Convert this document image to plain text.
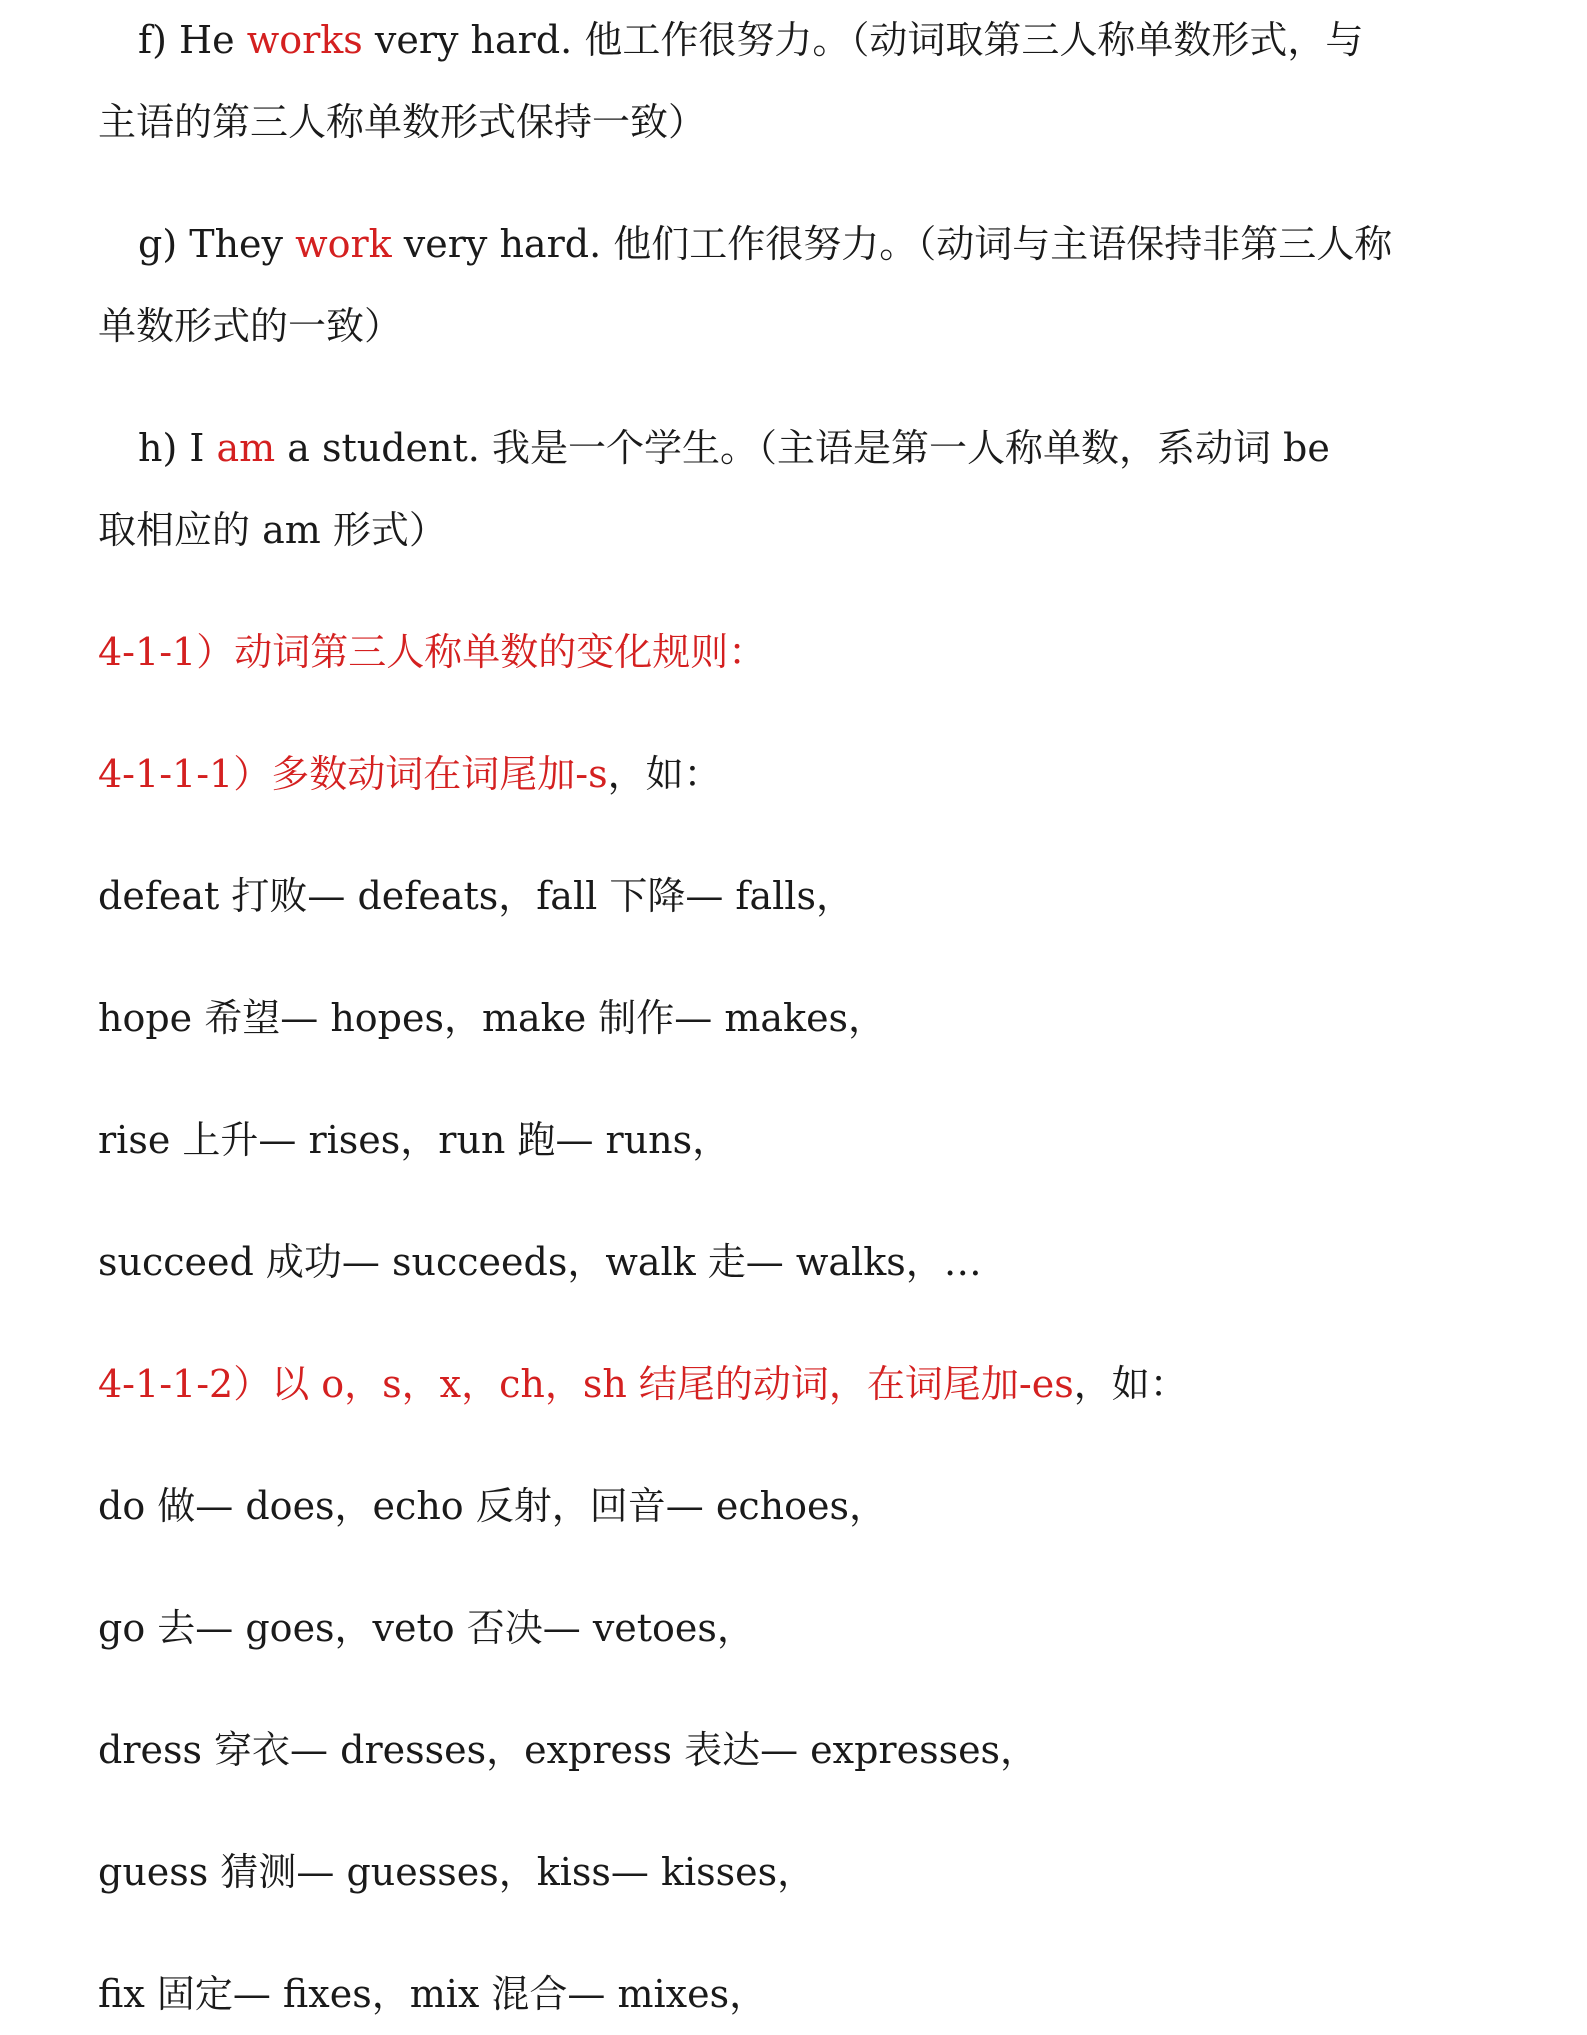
f) He works very hard. 他工作很努力。（动词取第三人称单数形式，与

主语的第三人称单数形式保持一致）

g) They work very hard. 他们工作很努力。（动词与主语保持非第三人称

单数形式的一致）

h) I am a student. 我是一个学生。（主语是第一人称单数，系动词 be

取相应的 am 形式）

4-1-1）动词第三人称单数的变化规则：

4-1-1-1）多数动词在词尾加-s，如：

defeat 打败— defeats，fall 下降— falls，

hope 希望— hopes，make 制作— makes，

rise 上升— rises，run 跑— runs，

succeed 成功— succeeds，walk 走— walks，…

4-1-1-2）以 o，s，x，ch，sh 结尾的动词，在词尾加-es，如：

do 做— does，echo 反射，回音— echoes，

go 去— goes，veto 否决— vetoes，

dress 穿衣— dresses，express 表达— expresses，

guess 猜测— guesses，kiss— kisses，

fix 固定— fixes，mix 混合— mixes，
